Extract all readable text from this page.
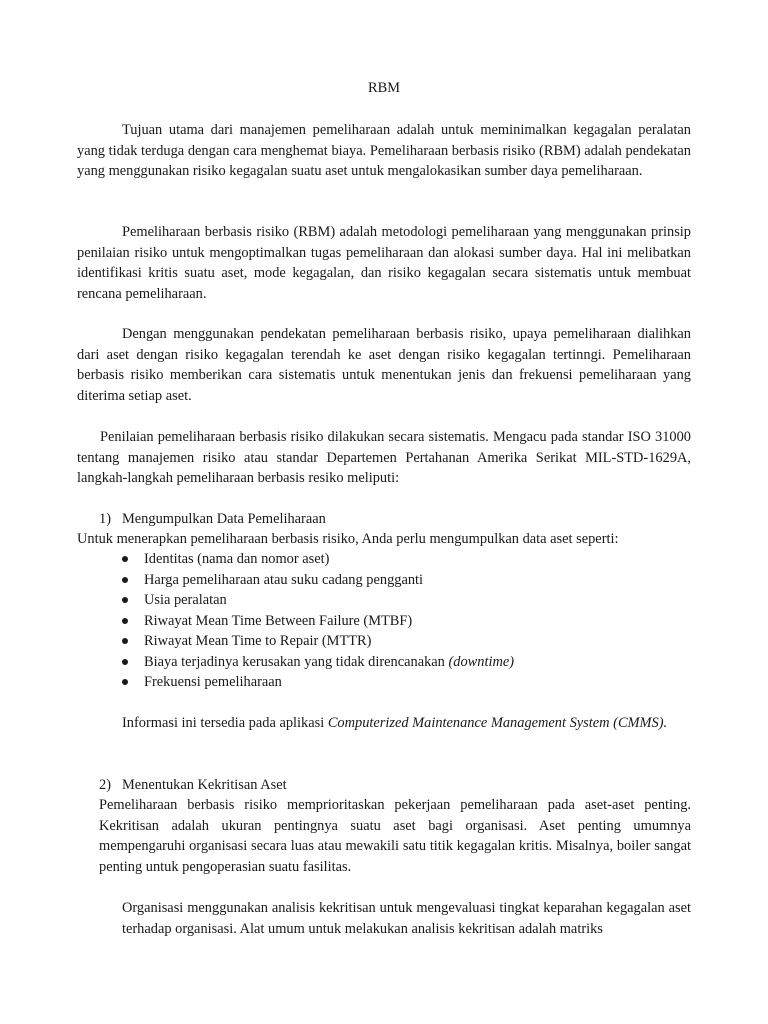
RBM
Tujuan utama dari manajemen pemeliharaan adalah untuk meminimalkan kegagalan peralatan yang tidak terduga dengan cara menghemat biaya. Pemeliharaan berbasis risiko (RBM) adalah pendekatan yang menggunakan risiko kegagalan suatu aset untuk mengalokasikan sumber daya pemeliharaan.
Pemeliharaan berbasis risiko (RBM) adalah metodologi pemeliharaan yang menggunakan prinsip penilaian risiko untuk mengoptimalkan tugas pemeliharaan dan alokasi sumber daya. Hal ini melibatkan identifikasi kritis suatu aset, mode kegagalan, dan risiko kegagalan secara sistematis untuk membuat rencana pemeliharaan.
Dengan menggunakan pendekatan pemeliharaan berbasis risiko, upaya pemeliharaan dialihkan dari aset dengan risiko kegagalan terendah ke aset dengan risiko kegagalan tertinngi. Pemeliharaan berbasis risiko memberikan cara sistematis untuk menentukan jenis dan frekuensi pemeliharaan yang diterima setiap aset.
Penilaian pemeliharaan berbasis risiko dilakukan secara sistematis. Mengacu pada standar ISO 31000 tentang manajemen risiko atau standar Departemen Pertahanan Amerika Serikat MIL-STD-1629A, langkah-langkah pemeliharaan berbasis resiko meliputi:
1) Mengumpulkan Data Pemeliharaan
Untuk menerapkan pemeliharaan berbasis risiko, Anda perlu mengumpulkan data aset seperti:
Identitas (nama dan nomor aset)
Harga pemeliharaan atau suku cadang pengganti
Usia peralatan
Riwayat Mean Time Between Failure (MTBF)
Riwayat Mean Time to Repair (MTTR)
Biaya terjadinya kerusakan yang tidak direncanakan (downtime)
Frekuensi pemeliharaan
Informasi ini tersedia pada aplikasi Computerized Maintenance Management System (CMMS).
2) Menentukan Kekritisan Aset
Pemeliharaan berbasis risiko memprioritaskan pekerjaan pemeliharaan pada aset-aset penting. Kekritisan adalah ukuran pentingnya suatu aset bagi organisasi. Aset penting umumnya mempengaruhi organisasi secara luas atau mewakili satu titik kegagalan kritis. Misalnya, boiler sangat penting untuk pengoperasian suatu fasilitas.
Organisasi menggunakan analisis kekritisan untuk mengevaluasi tingkat keparahan kegagalan aset terhadap organisasi. Alat umum untuk melakukan analisis kekritisan adalah matriks
